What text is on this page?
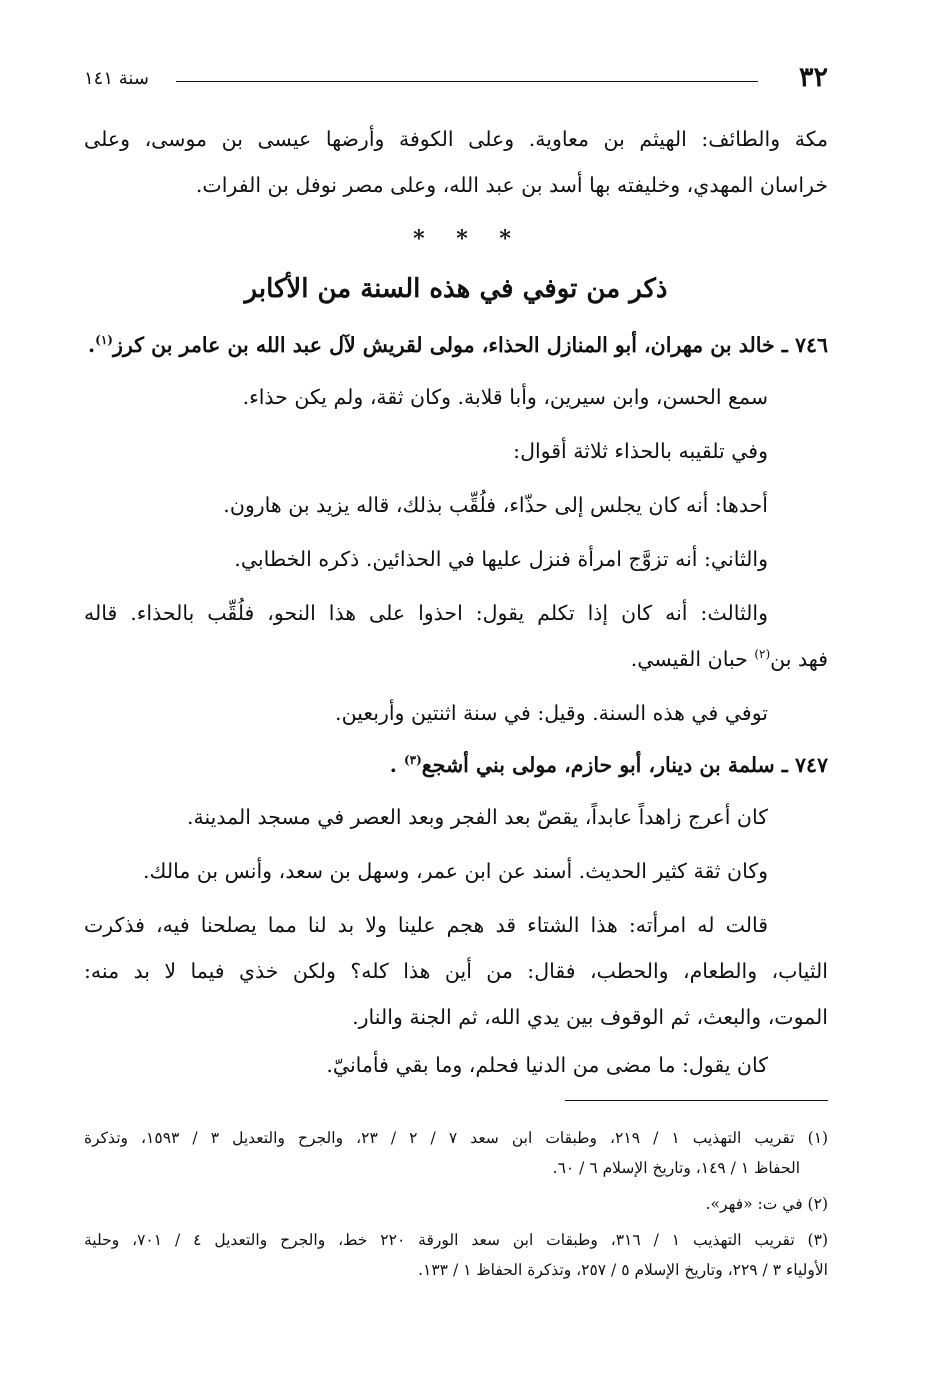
٣٢
سنة ١٤١
مكة والطائف: الهيثم بن معاوية. وعلى الكوفة وأرضها عيسى بن موسى، وعلى
خراسان المهدي، وخليفته بها أسد بن عبد الله، وعلى مصر نوفل بن الفرات.
* * *
ذكر من توفي في هذه السنة من الأكابر
٧٤٦ ـ خالد بن مهران، أبو المنازل الحذاء، مولى لقريش لآل عبد الله بن عامر بن كرز$^{(١)}$.
سمع الحسن، وابن سيرين، وأبا قلابة. وكان ثقة، ولم يكن حذاء.
وفي تلقيبه بالحذاء ثلاثة أقوال:
أحدها: أنه كان يجلس إلى حذّاء، فلُقِّب بذلك، قاله يزيد بن هارون.
والثاني: أنه تزوَّج امرأة فنزل عليها في الحذائين. ذكره الخطابي.
والثالث: أنه كان إذا تكلم يقول: احذوا على هذا النحو، فلُقِّب بالحذاء. قاله
فهد بن$^{(٢)}$ حبان القيسي.
توفي في هذه السنة. وقيل: في سنة اثنتين وأربعين.
٧٤٧ ـ سلمة بن دينار، أبو حازم، مولى بني أشجع$^{(٣)}$ .
كان أعرج زاهداً عابداً، يقصّ بعد الفجر وبعد العصر في مسجد المدينة.
وكان ثقة كثير الحديث. أسند عن ابن عمر، وسهل بن سعد، وأنس بن مالك.
قالت له امرأته: هذا الشتاء قد هجم علينا ولا بد لنا مما يصلحنا فيه، فذكرت
الثياب، والطعام، والحطب، فقال: من أين هذا كله؟ ولكن خذي فيما لا بد منه:
الموت، والبعث، ثم الوقوف بين يدي الله، ثم الجنة والنار.
كان يقول: ما مضى من الدنيا فحلم، وما بقي فأمانيّ.
(١) تقريب التهذيب ١ / ٢١٩، وطبقات ابن سعد ٧ / ٢ / ٢٣، والجرح والتعديل ٣ / ١٥٩٣، وتذكرة
الحفاظ ١ / ١٤٩، وتاريخ الإسلام ٦ / ٦٠.
(٢) في ت: «فهر».
(٣) تقريب التهذيب ١ / ٣١٦، وطبقات ابن سعد الورقة ٢٢٠ خط، والجرح والتعديل ٤ / ٧٠١، وحلية
الأولياء ٣ / ٢٢٩، وتاريخ الإسلام ٥ / ٢٥٧، وتذكرة الحفاظ ١ / ١٣٣.
